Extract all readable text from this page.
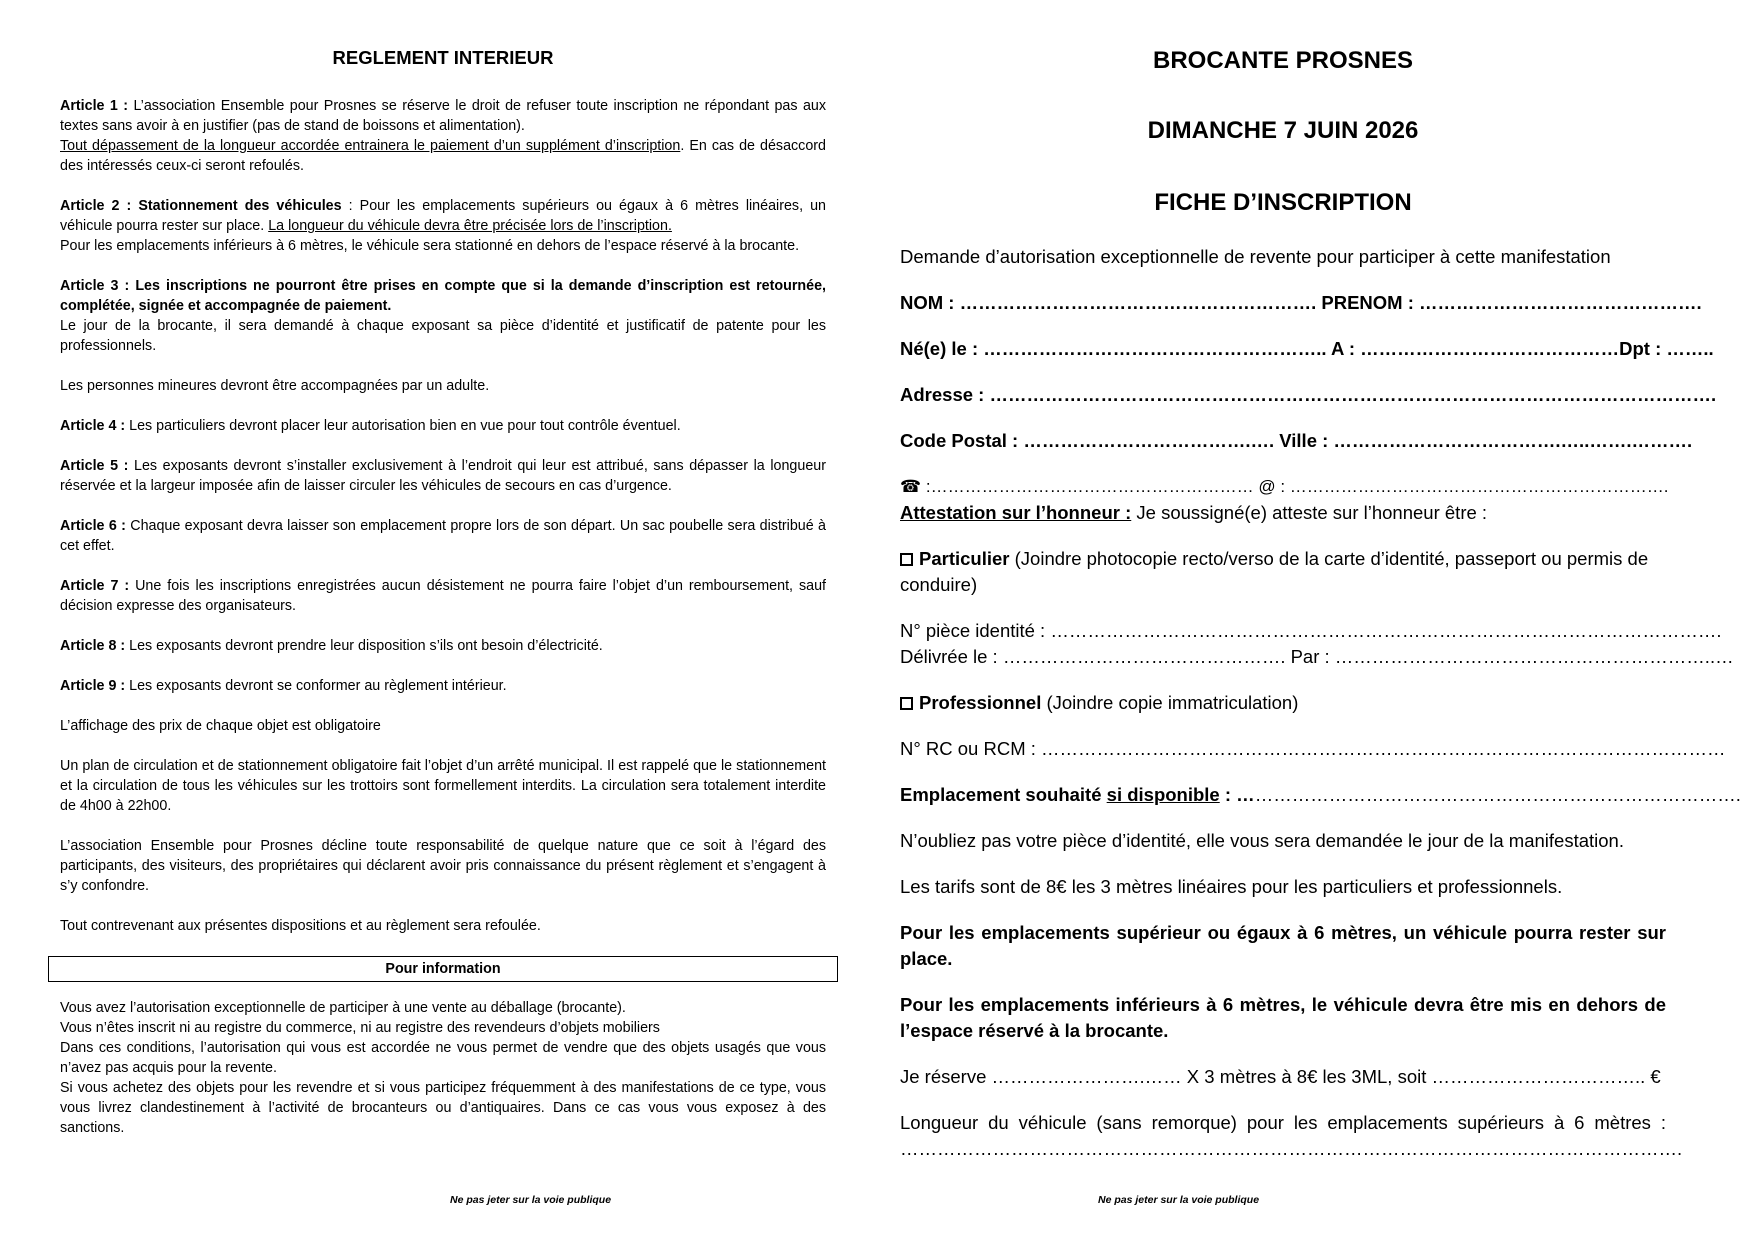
REGLEMENT INTERIEUR

Article 1 : L’association Ensemble pour Prosnes se réserve le droit de refuser toute inscription ne répondant pas aux textes sans avoir à en justifier (pas de stand de boissons et alimentation).
Tout dépassement de la longueur accordée entrainera le paiement d’un supplément d’inscription. En cas de désaccord des intéressés ceux-ci seront refoulés.

Article 2 : Stationnement des véhicules : Pour les emplacements supérieurs ou égaux à 6 mètres linéaires, un véhicule pourra rester sur place. La longueur du véhicule devra être précisée lors de l’inscription.
Pour les emplacements inférieurs à 6 mètres, le véhicule sera stationné en dehors de l’espace réservé à la brocante.

Article 3 : Les inscriptions ne pourront être prises en compte que si la demande d’inscription est retournée, complétée, signée et accompagnée de paiement.
Le jour de la brocante, il sera demandé à chaque exposant sa pièce d’identité et justificatif de patente pour les professionnels.

Les personnes mineures devront être accompagnées par un adulte.

Article 4 : Les particuliers devront placer leur autorisation bien en vue pour tout contrôle éventuel.

Article 5 : Les exposants devront s’installer exclusivement à l’endroit qui leur est attribué, sans dépasser la longueur réservée et la largeur imposée afin de laisser circuler les véhicules de secours en cas d’urgence.

Article 6 : Chaque exposant devra laisser son emplacement propre lors de son départ. Un sac poubelle sera distribué à cet effet.

Article 7 : Une fois les inscriptions enregistrées aucun désistement ne pourra faire l’objet d’un remboursement, sauf décision expresse des organisateurs.

Article 8 : Les exposants devront prendre leur disposition s’ils ont besoin d’électricité.

Article 9 : Les exposants devront se conformer au règlement intérieur.

L’affichage des prix de chaque objet est obligatoire

Un plan de circulation et de stationnement obligatoire fait l’objet d’un arrêté municipal. Il est rappelé que le stationnement et la circulation de tous les véhicules sur les trottoirs sont formellement interdits. La circulation sera totalement interdite de 4h00 à 22h00.

L’association Ensemble pour Prosnes décline toute responsabilité de quelque nature que ce soit à l’égard des participants, des visiteurs, des propriétaires qui déclarent avoir pris connaissance du présent règlement et s’engagent à s’y confondre.

Tout contrevenant aux présentes dispositions et au règlement sera refoulée.

Pour information
Vous avez l’autorisation exceptionnelle de participer à une vente au déballage (brocante).
Vous n’êtes inscrit ni au registre du commerce, ni au registre des revendeurs d’objets mobiliers
Dans ces conditions, l’autorisation qui vous est accordée ne vous permet de vendre que des objets usagés que vous n’avez pas acquis pour la revente.
Si vous achetez des objets pour les revendre et si vous participez fréquemment à des manifestations de ce type, vous vous livrez clandestinement à l’activité de brocanteurs ou d’antiquaires. Dans ce cas vous vous exposez à des sanctions.
Ne pas jeter sur la voie publique
BROCANTE PROSNES
DIMANCHE 7 JUIN 2026
FICHE D’INSCRIPTION
Demande d’autorisation exceptionnelle de revente pour participer à cette manifestation
NOM : …………………………………………………. PRENOM : ……………………………………….
Né(e) le : ……………………………………………….. A : ……………………………………Dpt : ……..
Adresse : ……………………………………………………………………………………………………….
Code Postal : ……………………………….…. Ville : ……………………………….…..…….……….
☎ :………………………………………………… @ : ………………………………………………………….
Attestation sur l’honneur : Je soussigné(e) atteste sur l’honneur être :
Particulier (Joindre photocopie recto/verso de la carte d’identité, passeport ou permis de conduire)
N° pièce identité : ……………………………………………………………………………………………….
Délivrée le : ………………………………………. Par : ……………………………………………………..…
Professionnel (Joindre copie immatriculation)
N° RC ou RCM : …………………………………………………………………………………………………
Emplacement souhaité si disponible : ……………………………………………………………………….
N’oubliez pas votre pièce d’identité, elle vous sera demandée le jour de la manifestation.
Les tarifs sont de 8€ les 3 mètres linéaires pour les particuliers et professionnels.
Pour les emplacements supérieur ou égaux à 6 mètres, un véhicule pourra rester sur place.
Pour les emplacements inférieurs à 6 mètres, le véhicule devra être mis en dehors de l’espace réservé à la brocante.
Je réserve …………………….…… X 3 mètres à 8€ les 3ML, soit …………………………….. €
Longueur du véhicule (sans remorque) pour les emplacements supérieurs à 6 mètres : ……………………………………………………………………………………………………………….
Ne pas jeter sur la voie publique
